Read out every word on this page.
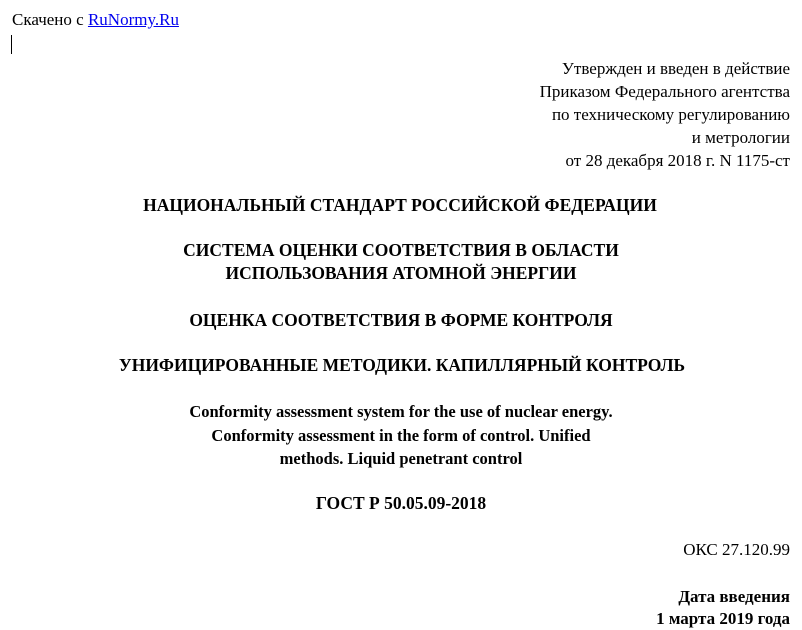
Скачено с RuNormy.Ru
Утвержден и введен в действие
Приказом Федерального агентства
по техническому регулированию
и метрологии
от 28 декабря 2018 г. N 1175-ст
НАЦИОНАЛЬНЫЙ СТАНДАРТ РОССИЙСКОЙ ФЕДЕРАЦИИ
СИСТЕМА ОЦЕНКИ СООТВЕТСТВИЯ В ОБЛАСТИ
ИСПОЛЬЗОВАНИЯ АТОМНОЙ ЭНЕРГИИ
ОЦЕНКА СООТВЕТСТВИЯ В ФОРМЕ КОНТРОЛЯ
УНИФИЦИРОВАННЫЕ МЕТОДИКИ. КАПИЛЛЯРНЫЙ КОНТРОЛЬ
Conformity assessment system for the use of nuclear energy.
Conformity assessment in the form of control. Unified
methods. Liquid penetrant control
ГОСТ Р 50.05.09-2018
ОКС 27.120.99
Дата введения
1 марта 2019 года
